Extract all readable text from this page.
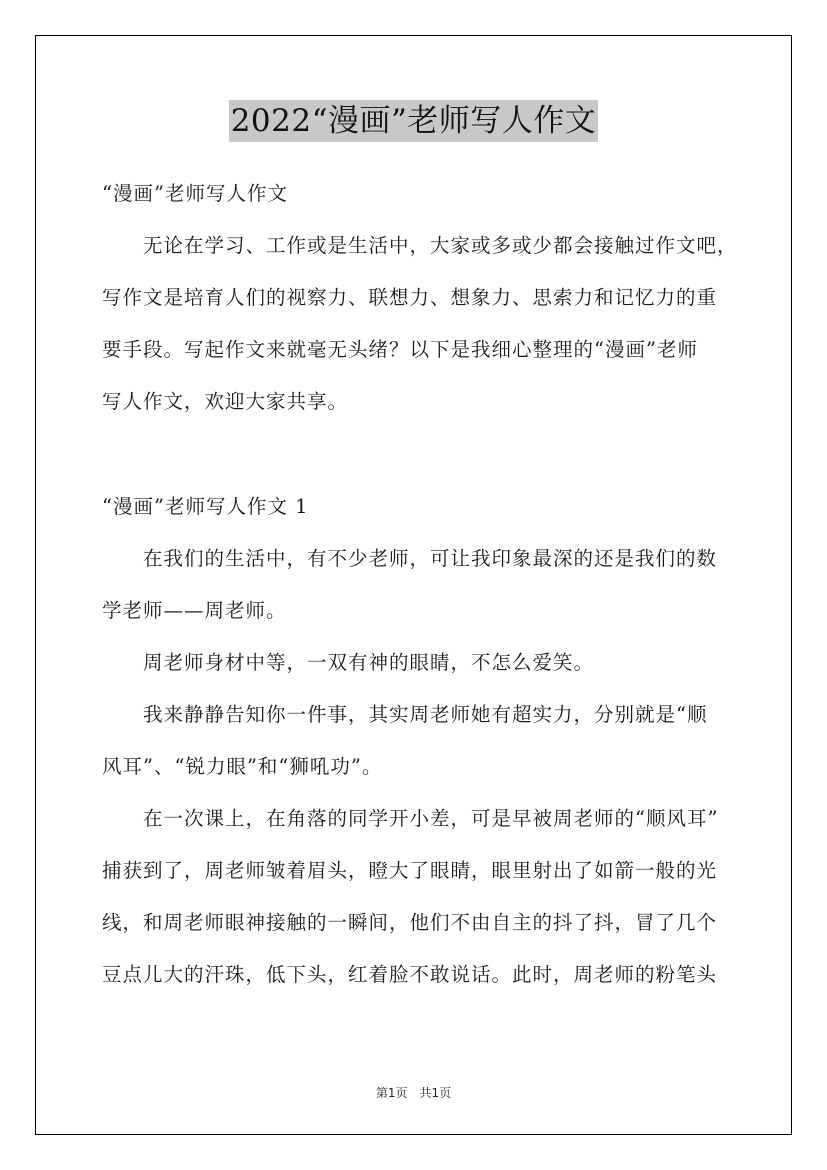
2022“漫画”老师写人作文
“漫画”老师写人作文
无论在学习、工作或是生活中，大家或多或少都会接触过作文吧，
写作文是培育人们的视察力、联想力、想象力、思索力和记忆力的重
要手段。写起作文来就毫无头绪？以下是我细心整理的“漫画”老师
写人作文，欢迎大家共享。
“漫画”老师写人作文 1
在我们的生活中，有不少老师，可让我印象最深的还是我们的数
学老师——周老师。
周老师身材中等，一双有神的眼睛，不怎么爱笑。
我来静静告知你一件事，其实周老师她有超实力，分别就是“顺
风耳”、“锐力眼”和“狮吼功”。
在一次课上，在角落的同学开小差，可是早被周老师的“顺风耳”
捕获到了，周老师皱着眉头，瞪大了眼睛，眼里射出了如箭一般的光
线，和周老师眼神接触的一瞬间，他们不由自主的抖了抖，冒了几个
豆点儿大的汗珠，低下头，红着脸不敢说话。此时，周老师的粉笔头
第1页　共1页
